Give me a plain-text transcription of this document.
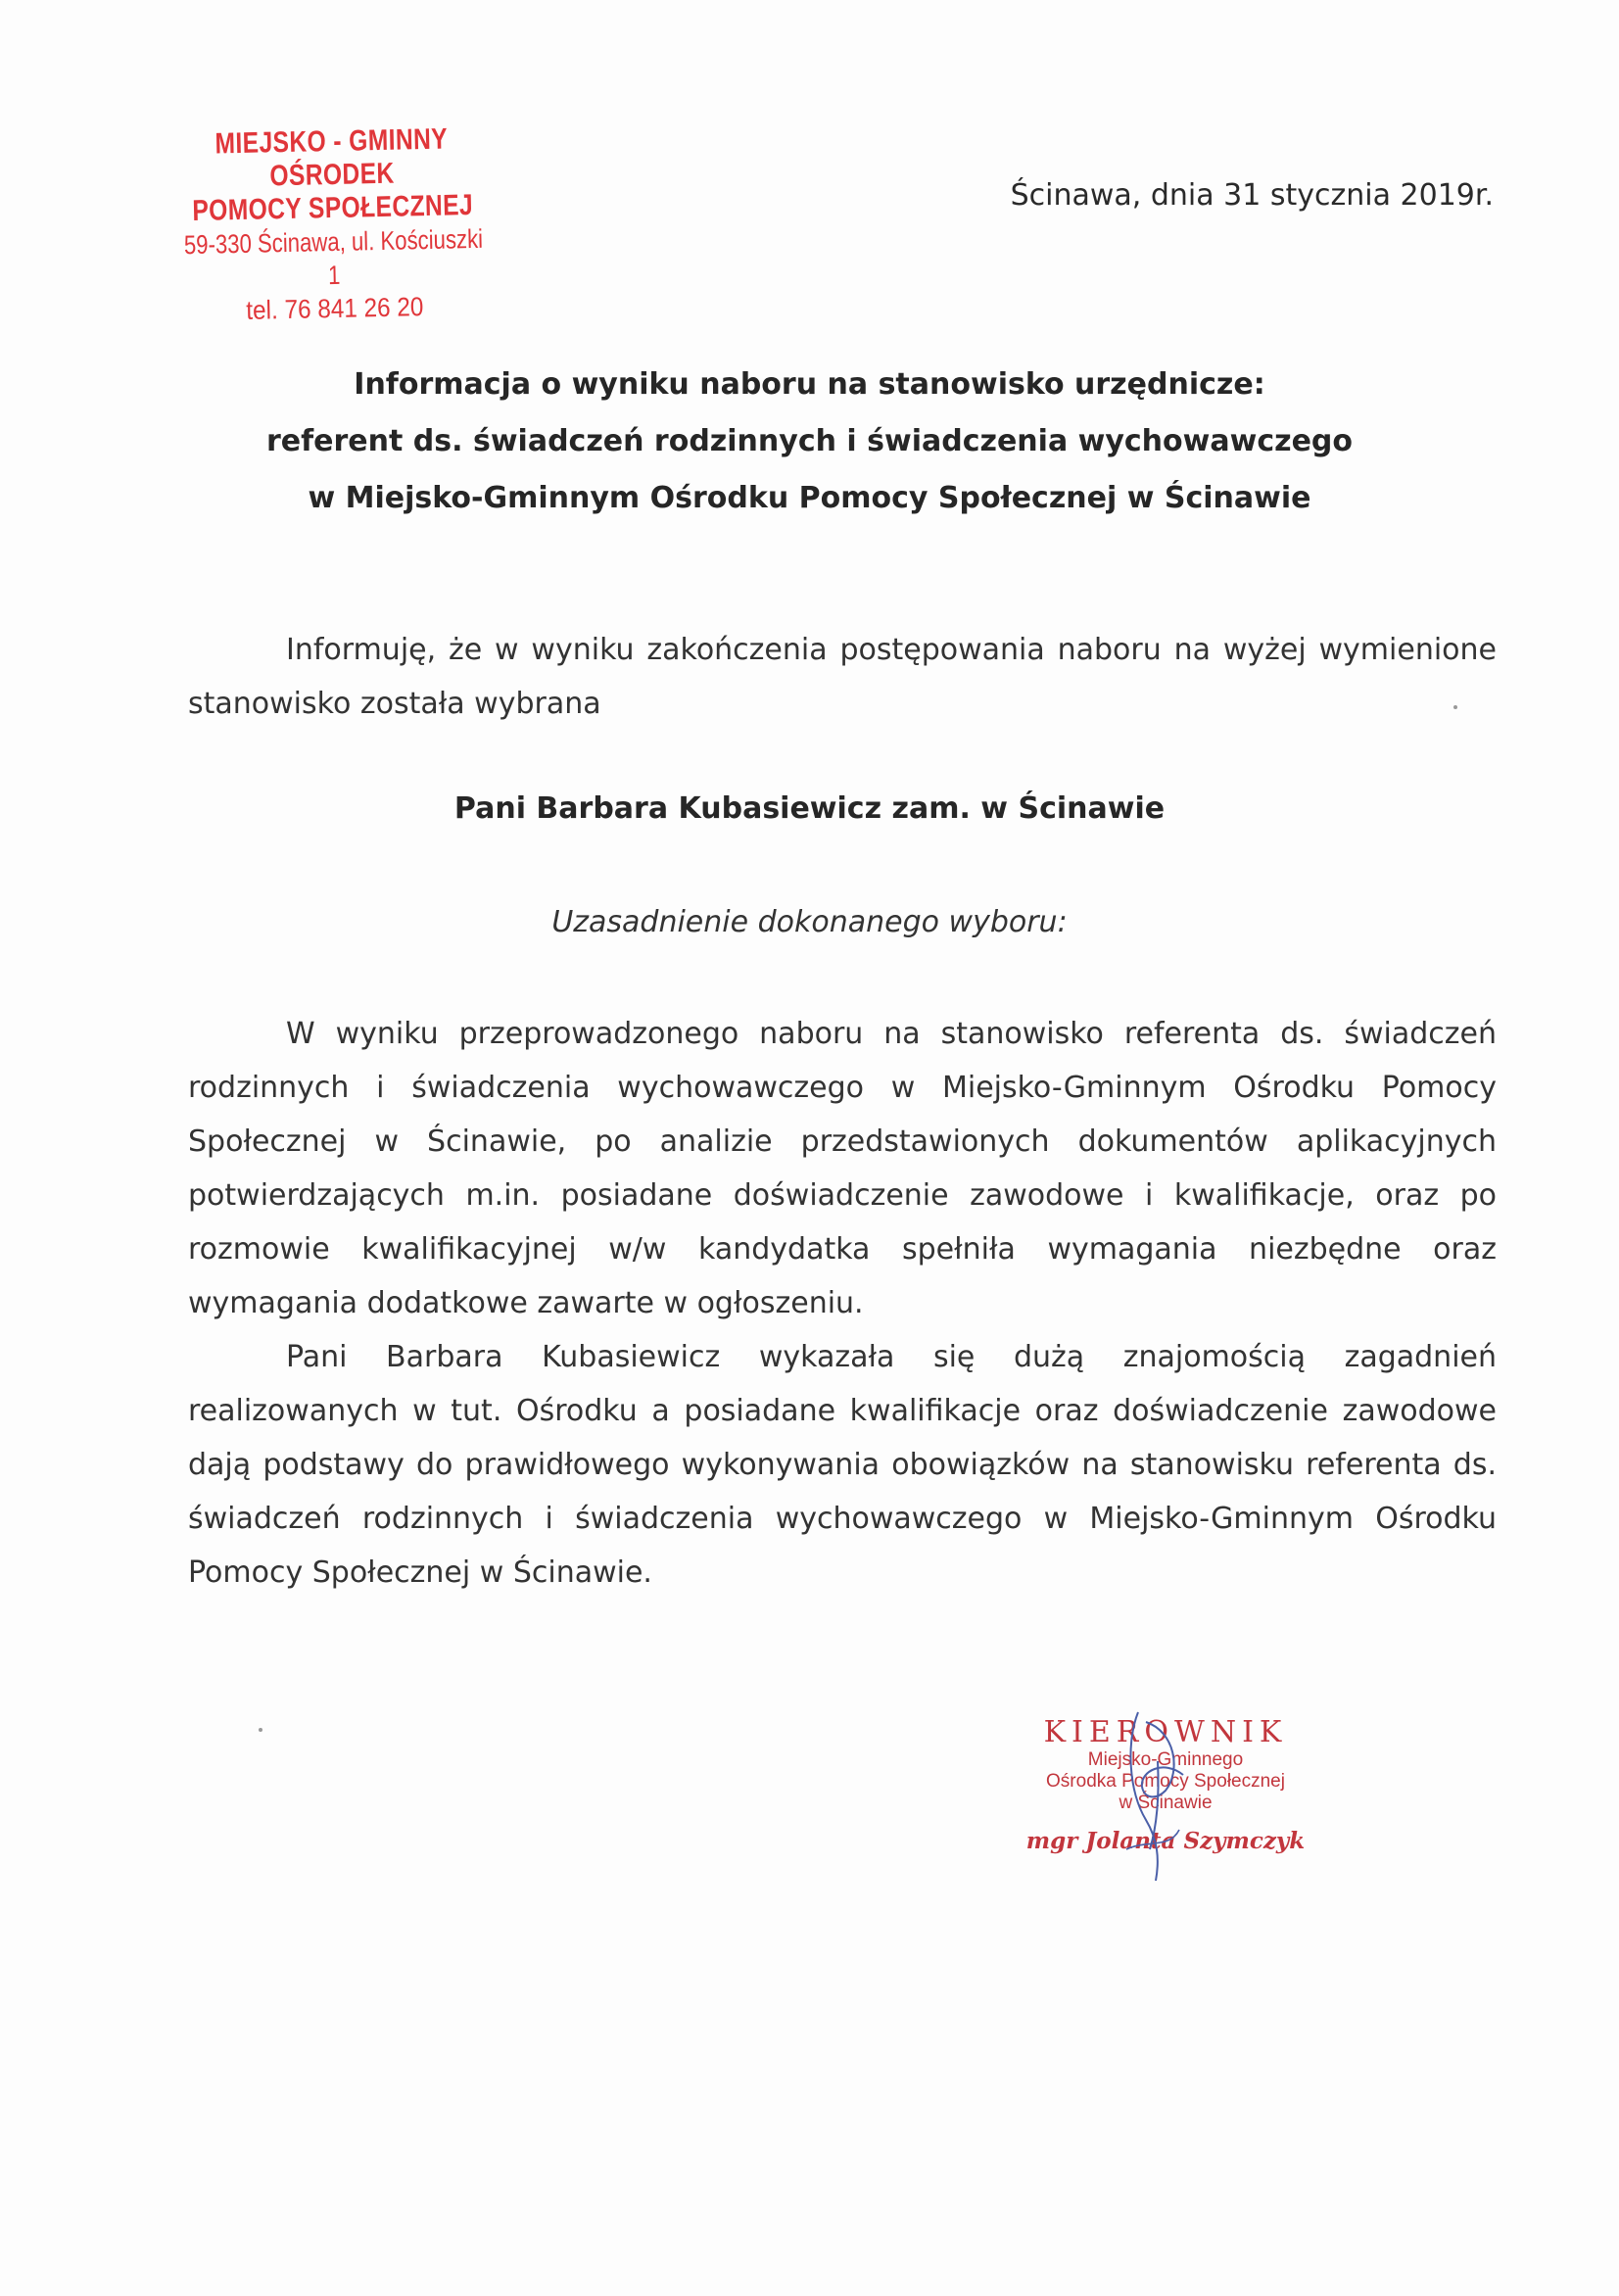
MIEJSKO - GMINNY OŚRODEK
POMOCY SPOŁECZNEJ
59-330 Ścinawa, ul. Kościuszki 1
tel. 76 841 26 20
Ścinawa, dnia 31 stycznia 2019r.
Informacja o wyniku naboru na stanowisko urzędnicze:
referent ds. świadczeń rodzinnych i świadczenia wychowawczego
w Miejsko-Gminnym Ośrodku Pomocy Społecznej w Ścinawie
Informuję, że w wyniku zakończenia postępowania naboru na wyżej wymienione stanowisko została wybrana
Pani Barbara Kubasiewicz zam. w Ścinawie
Uzasadnienie dokonanego wyboru:
W wyniku przeprowadzonego naboru na stanowisko referenta ds. świadczeń rodzinnych i świadczenia wychowawczego w Miejsko-Gminnym Ośrodku Pomocy Społecznej w Ścinawie, po analizie przedstawionych dokumentów aplikacyjnych potwierdzających m.in. posiadane doświadczenie zawodowe i kwalifikacje, oraz po rozmowie kwalifikacyjnej w/w kandydatka spełniła wymagania niezbędne oraz wymagania dodatkowe zawarte w ogłoszeniu.
Pani Barbara Kubasiewicz wykazała się dużą znajomością zagadnień realizowanych w tut. Ośrodku a posiadane kwalifikacje oraz doświadczenie zawodowe dają podstawy do prawidłowego wykonywania obowiązków na stanowisku referenta ds. świadczeń rodzinnych i świadczenia wychowawczego w Miejsko-Gminnym Ośrodku Pomocy Społecznej w Ścinawie.
KIEROWNIK
Miejsko-Gminnego
Ośrodka Pomocy Społecznej
w Ścinawie
mgr Jolanta Szymczyk
